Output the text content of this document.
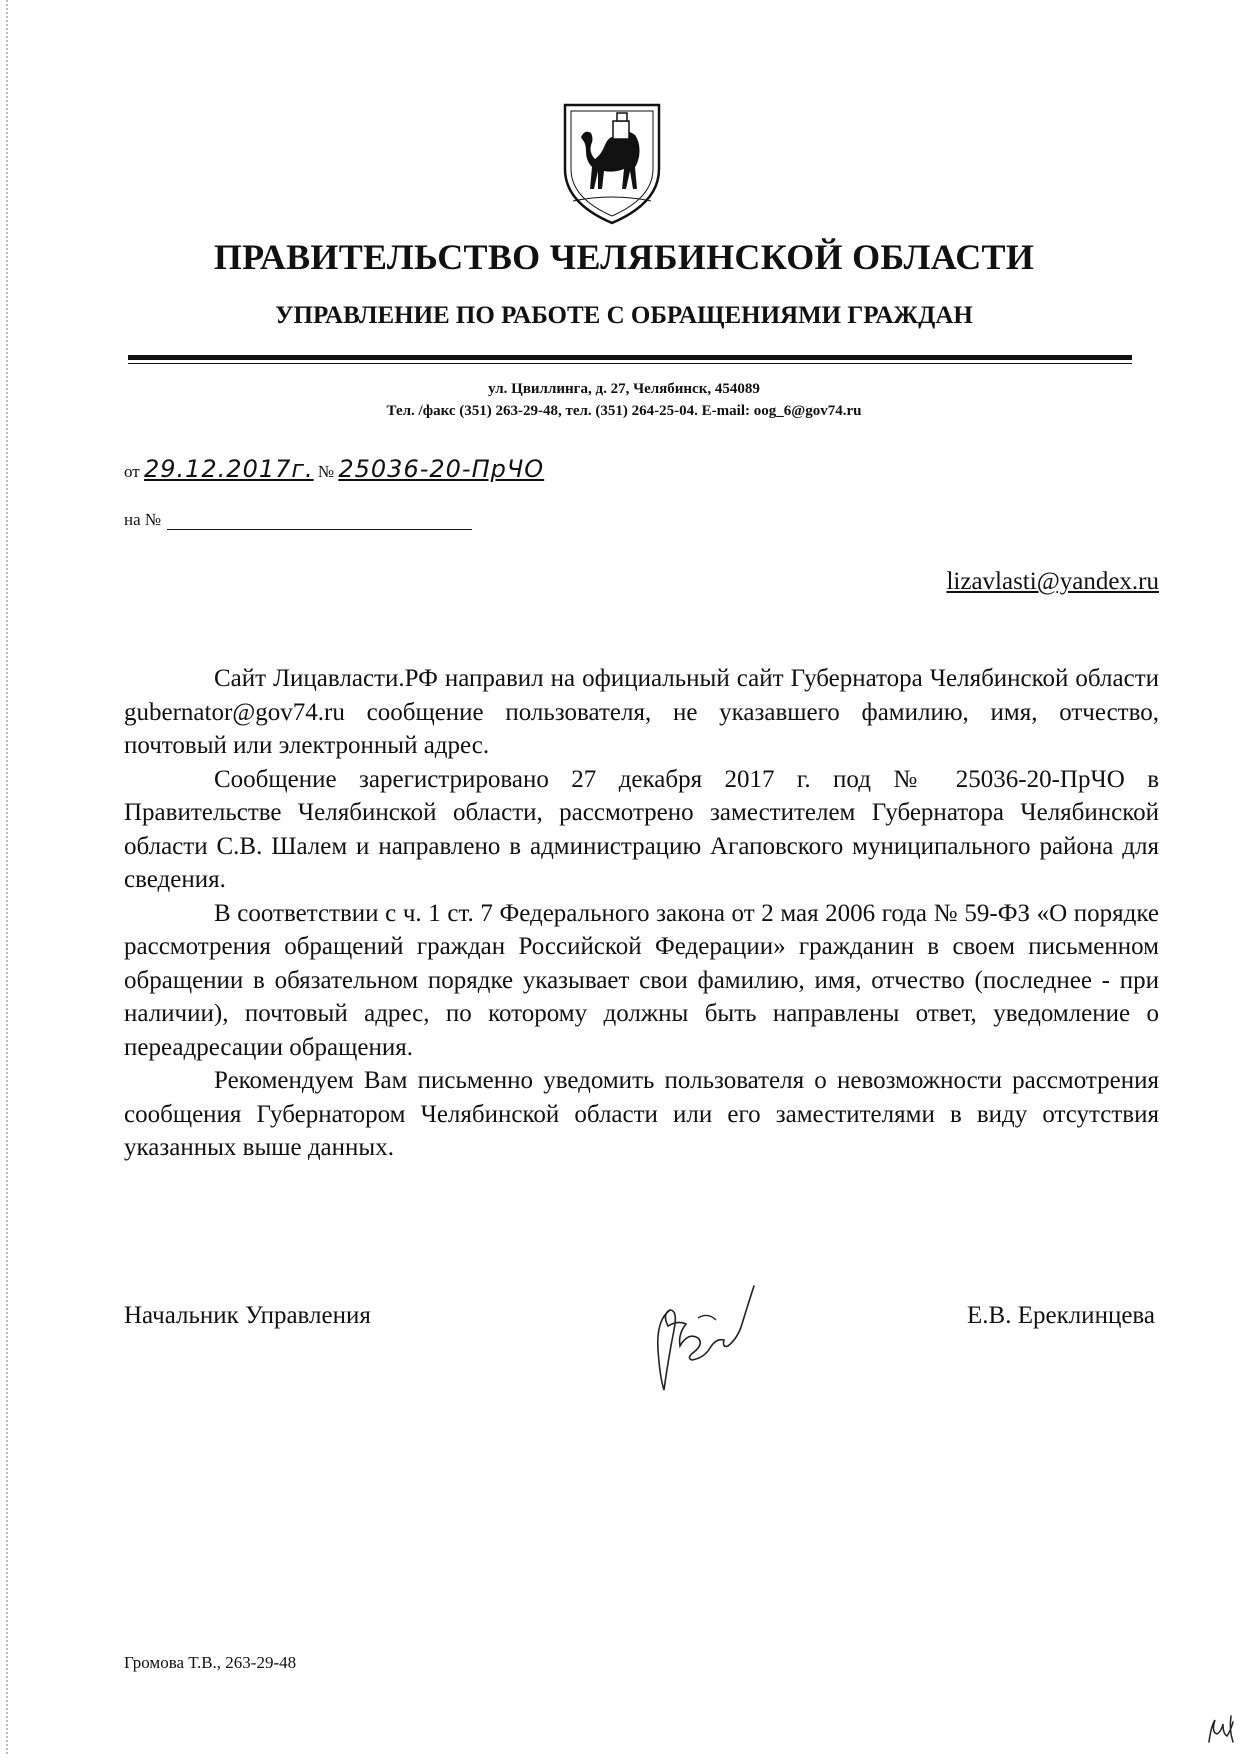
ПРАВИТЕЛЬСТВО ЧЕЛЯБИНСКОЙ ОБЛАСТИ
УПРАВЛЕНИЕ ПО РАБОТЕ С ОБРАЩЕНИЯМИ ГРАЖДАН
ул. Цвиллинга, д. 27, Челябинск, 454089
Тел. /факс (351) 263-29-48, тел. (351) 264-25-04. E-mail: oog_6@gov74.ru
от 29.12.2017г. № 25036-20-ПрЧО
на №
lizavlasti@yandex.ru

Сайт Лицавласти.РФ направил на официальный сайт Губернатора Челябинской области gubernator@gov74.ru сообщение пользователя, не указавшего фамилию, имя, отчество, почтовый или электронный адрес.

Сообщение зарегистрировано 27 декабря 2017 г. под № 25036-20-ПрЧО в Правительстве Челябинской области, рассмотрено заместителем Губернатора Челябинской области С.В. Шалем и направлено в администрацию Агаповского муниципального района для сведения.

В соответствии с ч. 1 ст. 7 Федерального закона от 2 мая 2006 года № 59-ФЗ «О порядке рассмотрения обращений граждан Российской Федерации» гражданин в своем письменном обращении в обязательном порядке указывает свои фамилию, имя, отчество (последнее - при наличии), почтовый адрес, по которому должны быть направлены ответ, уведомление о переадресации обращения.

Рекомендуем Вам письменно уведомить пользователя о невозможности рассмотрения сообщения Губернатором Челябинской области или его заместителями в виду отсутствия указанных выше данных.

Начальник Управления	Е.В. Ереклинцева
Громова Т.В., 263-29-48
